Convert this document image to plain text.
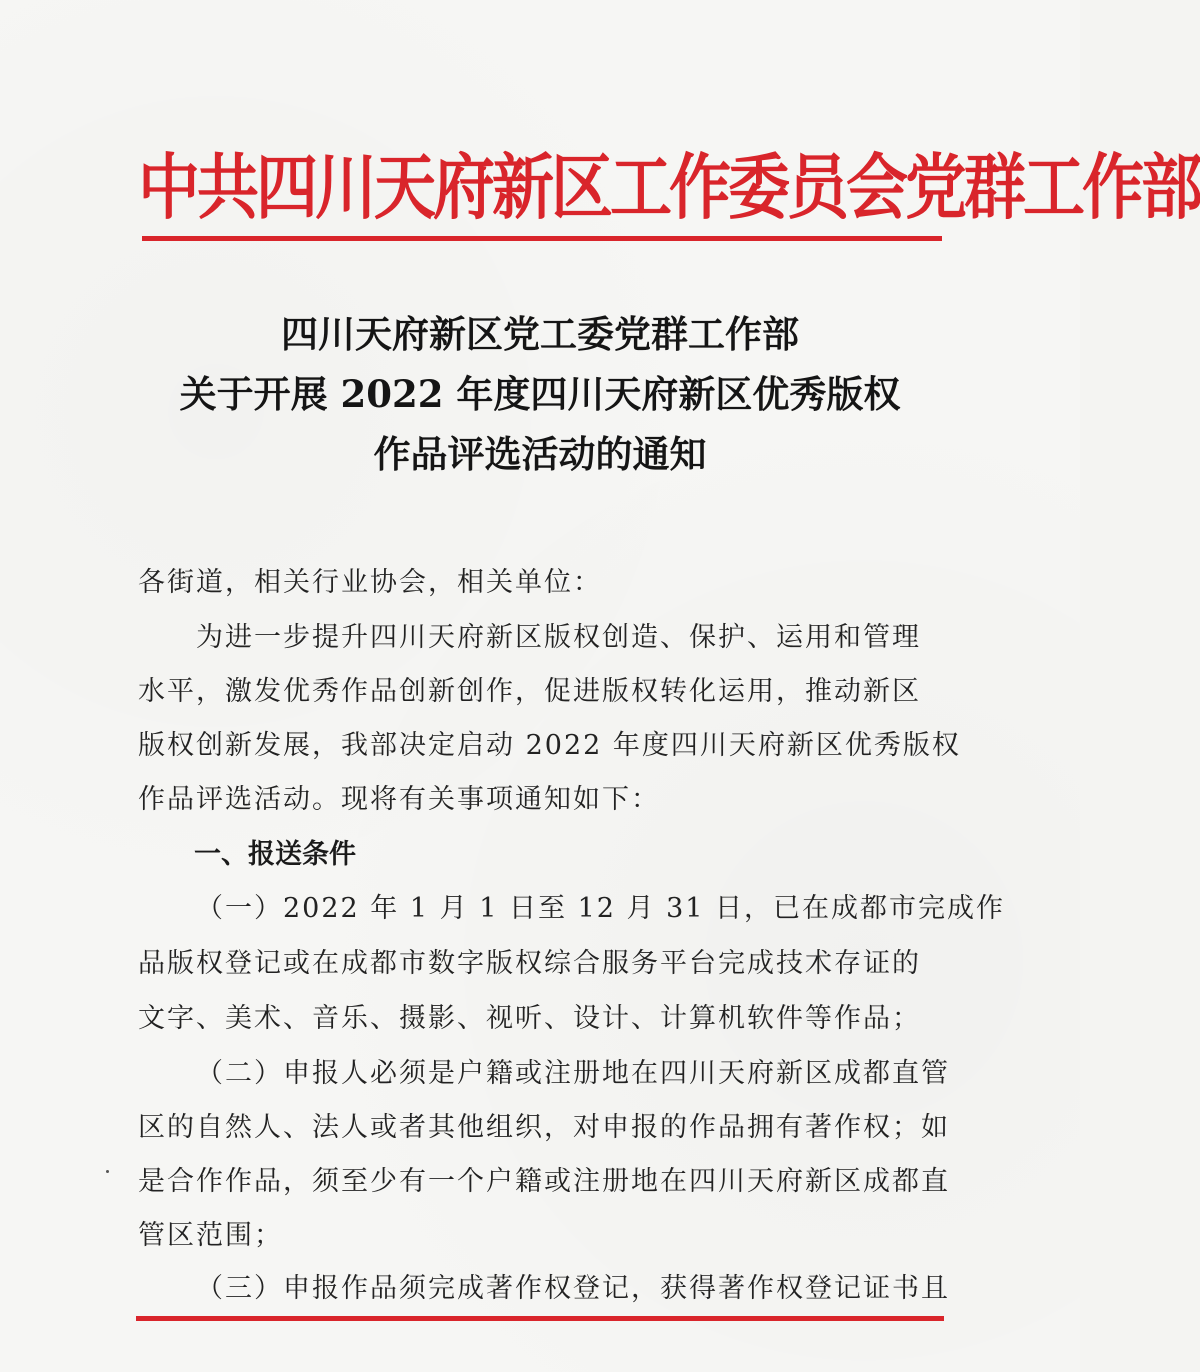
中共四川天府新区工作委员会党群工作部
四川天府新区党工委党群工作部
关于开展 2022 年度四川天府新区优秀版权
作品评选活动的通知
各街道，相关行业协会，相关单位：
为进一步提升四川天府新区版权创造、保护、运用和管理
水平，激发优秀作品创新创作，促进版权转化运用，推动新区
版权创新发展，我部决定启动 2022 年度四川天府新区优秀版权
作品评选活动。现将有关事项通知如下：
一、报送条件
（一）2022 年 1 月 1 日至 12 月 31 日，已在成都市完成作
品版权登记或在成都市数字版权综合服务平台完成技术存证的
文字、美术、音乐、摄影、视听、设计、计算机软件等作品；
（二）申报人必须是户籍或注册地在四川天府新区成都直管
区的自然人、法人或者其他组织，对申报的作品拥有著作权；如
是合作作品，须至少有一个户籍或注册地在四川天府新区成都直
管区范围；
（三）申报作品须完成著作权登记，获得著作权登记证书且
